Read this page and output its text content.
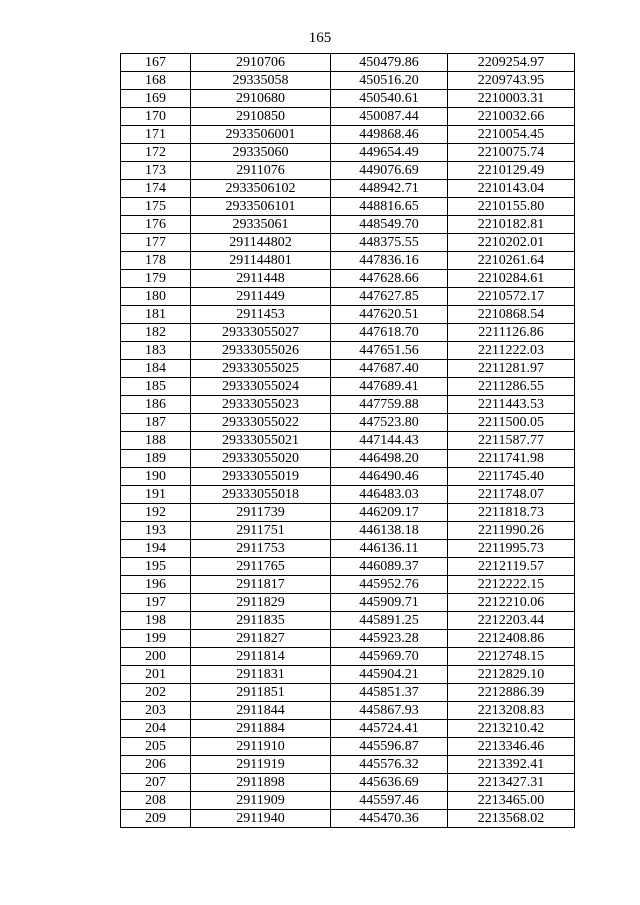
165
167	2910706	450479.86	2209254.97
168	29335058	450516.20	2209743.95
169	2910680	450540.61	2210003.31
170	2910850	450087.44	2210032.66
171	2933506001	449868.46	2210054.45
172	29335060	449654.49	2210075.74
173	2911076	449076.69	2210129.49
174	2933506102	448942.71	2210143.04
175	2933506101	448816.65	2210155.80
176	29335061	448549.70	2210182.81
177	291144802	448375.55	2210202.01
178	291144801	447836.16	2210261.64
179	2911448	447628.66	2210284.61
180	2911449	447627.85	2210572.17
181	2911453	447620.51	2210868.54
182	29333055027	447618.70	2211126.86
183	29333055026	447651.56	2211222.03
184	29333055025	447687.40	2211281.97
185	29333055024	447689.41	2211286.55
186	29333055023	447759.88	2211443.53
187	29333055022	447523.80	2211500.05
188	29333055021	447144.43	2211587.77
189	29333055020	446498.20	2211741.98
190	29333055019	446490.46	2211745.40
191	29333055018	446483.03	2211748.07
192	2911739	446209.17	2211818.73
193	2911751	446138.18	2211990.26
194	2911753	446136.11	2211995.73
195	2911765	446089.37	2212119.57
196	2911817	445952.76	2212222.15
197	2911829	445909.71	2212210.06
198	2911835	445891.25	2212203.44
199	2911827	445923.28	2212408.86
200	2911814	445969.70	2212748.15
201	2911831	445904.21	2212829.10
202	2911851	445851.37	2212886.39
203	2911844	445867.93	2213208.83
204	2911884	445724.41	2213210.42
205	2911910	445596.87	2213346.46
206	2911919	445576.32	2213392.41
207	2911898	445636.69	2213427.31
208	2911909	445597.46	2213465.00
209	2911940	445470.36	2213568.02
